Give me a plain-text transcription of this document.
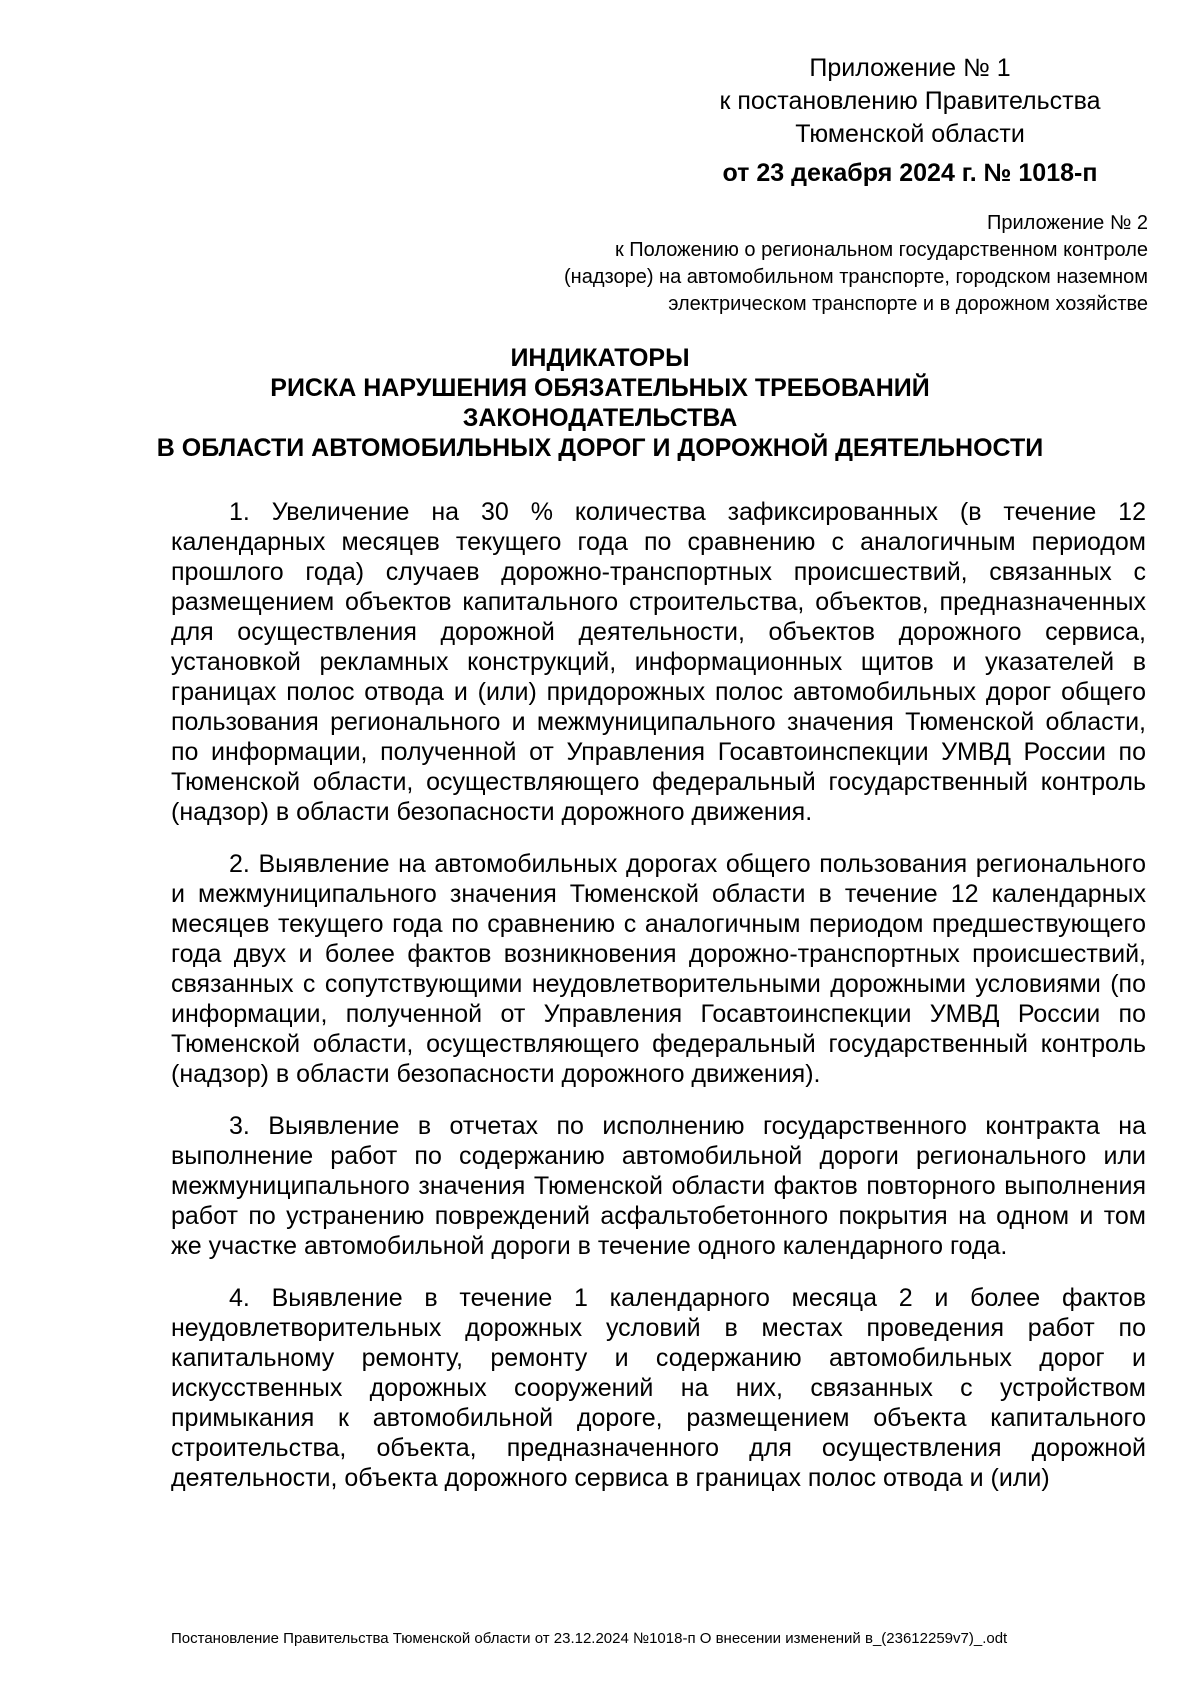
Приложение № 1
к постановлению Правительства
Тюменской области
от 23 декабря 2024 г. № 1018-п
Приложение № 2
к Положению о региональном государственном контроле
(надзоре) на автомобильном транспорте, городском наземном
электрическом транспорте и в дорожном хозяйстве
ИНДИКАТОРЫ
РИСКА НАРУШЕНИЯ ОБЯЗАТЕЛЬНЫХ ТРЕБОВАНИЙ
ЗАКОНОДАТЕЛЬСТВА
В ОБЛАСТИ АВТОМОБИЛЬНЫХ ДОРОГ И ДОРОЖНОЙ ДЕЯТЕЛЬНОСТИ

1. Увеличение на 30 % количества зафиксированных (в течение 12 календарных месяцев текущего года по сравнению с аналогичным периодом прошлого года) случаев дорожно-транспортных происшествий, связанных с размещением объектов капитального строительства, объектов, предназначенных для осуществления дорожной деятельности, объектов дорожного сервиса, установкой рекламных конструкций, информационных щитов и указателей в границах полос отвода и (или) придорожных полос автомобильных дорог общего пользования регионального и межмуниципального значения Тюменской области, по информации, полученной от Управления Госавтоинспекции УМВД России по Тюменской области, осуществляющего федеральный государственный контроль (надзор) в области безопасности дорожного движения.

2. Выявление на автомобильных дорогах общего пользования регионального и межмуниципального значения Тюменской области в течение 12 календарных месяцев текущего года по сравнению с аналогичным периодом предшествующего года двух и более фактов возникновения дорожно-транспортных происшествий, связанных с сопутствующими неудовлетворительными дорожными условиями (по информации, полученной от Управления Госавтоинспекции УМВД России по Тюменской области, осуществляющего федеральный государственный контроль (надзор) в области безопасности дорожного движения).

3. Выявление в отчетах по исполнению государственного контракта на выполнение работ по содержанию автомобильной дороги регионального или межмуниципального значения Тюменской области фактов повторного выполнения работ по устранению повреждений асфальтобетонного покрытия на одном и том же участке автомобильной дороги в течение одного календарного года.

4. Выявление в течение 1 календарного месяца 2 и более фактов неудовлетворительных дорожных условий в местах проведения работ по капитальному ремонту, ремонту и содержанию автомобильных дорог и искусственных дорожных сооружений на них, связанных с устройством примыкания к автомобильной дороге, размещением объекта капитального строительства, объекта, предназначенного для осуществления дорожной деятельности, объекта дорожного сервиса в границах полос отвода и (или)

Постановление Правительства Тюменской области от 23.12.2024 №1018-п О внесении изменений в_(23612259v7)_.odt
